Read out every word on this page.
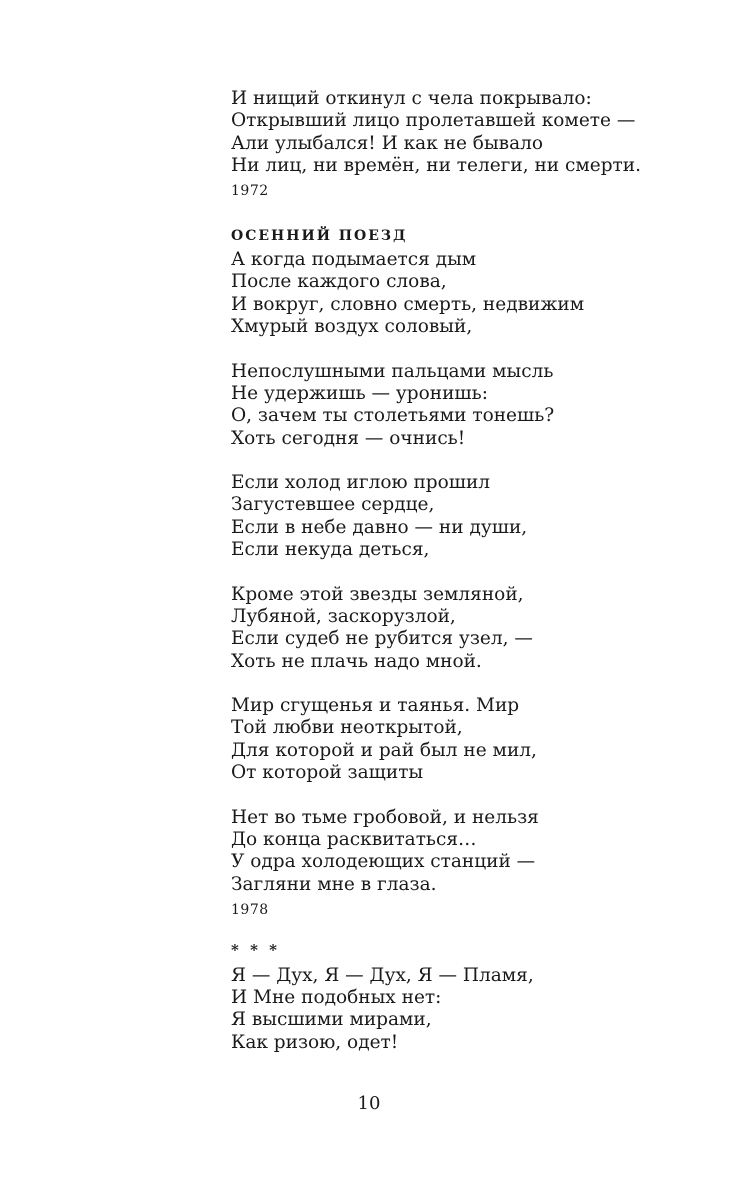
И нищий откинул с чела покрывало:
Открывший лицо пролетавшей комете —
Али улыбался! И как не бывало
Ни лиц, ни времён, ни телеги, ни смерти.
1972
ОСЕННИЙ ПОЕЗД
А когда подымается дым
После каждого слова,
И вокруг, словно смерть, недвижим
Хмурый воздух соловый,
Непослушными пальцами мысль
Не удержишь — уронишь:
О, зачем ты столетьями тонешь?
Хоть сегодня — очнись!
Если холод иглою прошил
Загустевшее сердце,
Если в небе давно — ни души,
Если некуда деться,
Кроме этой звезды земляной,
Лубяной, заскорузлой,
Если судеб не рубится узел, —
Хоть не плачь надо мной.
Мир сгущенья и таянья. Мир
Той любви неоткрытой,
Для которой и рай был не мил,
От которой защиты
Нет во тьме гробовой, и нельзя
До конца расквитаться…
У одра холодеющих станций —
Загляни мне в глаза.
1978
* * *
Я — Дух, Я — Дух, Я — Пламя,
И Мне подобных нет:
Я высшими мирами,
Как ризою, одет!
10
